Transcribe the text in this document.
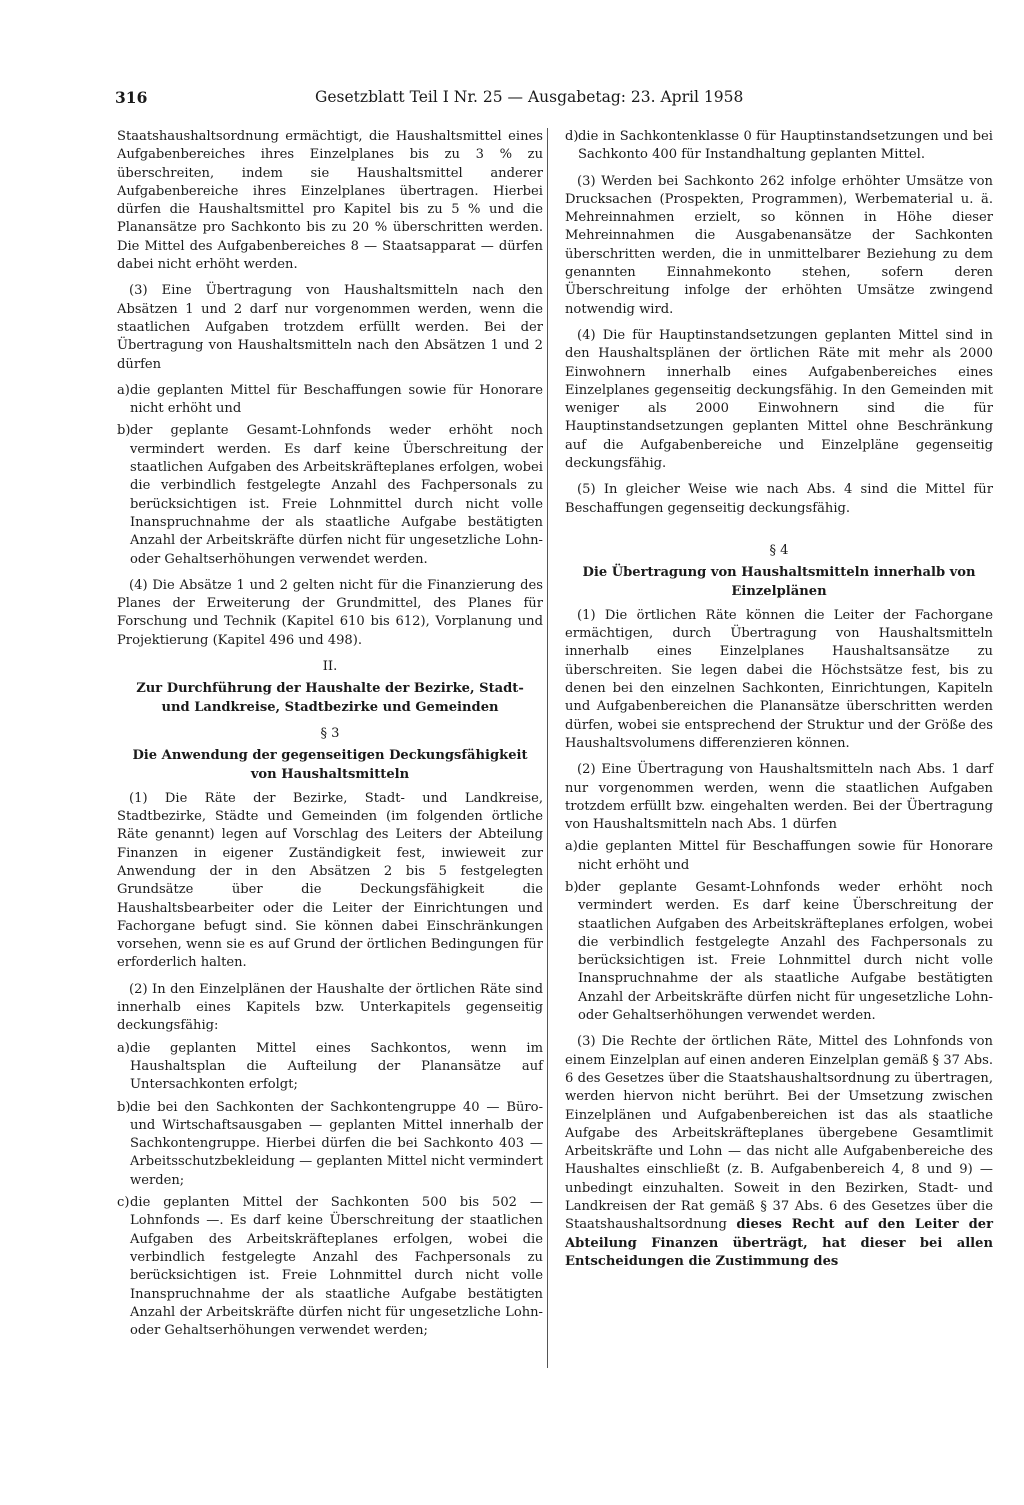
316	Gesetzblatt Teil I Nr. 25 — Ausgabetag: 23. April 1958

Staatshaushaltsordnung ermächtigt, die Haushaltsmittel eines Aufgabenbereiches ihres Einzelplanes bis zu 3 % zu überschreiten, indem sie Haushaltsmittel anderer Aufgabenbereiche ihres Einzelplanes übertragen. Hierbei dürfen die Haushaltsmittel pro Kapitel bis zu 5 % und die Planansätze pro Sachkonto bis zu 20 % überschritten werden. Die Mittel des Aufgabenbereiches 8 — Staatsapparat — dürfen dabei nicht erhöht werden.

(3) Eine Übertragung von Haushaltsmitteln nach den Absätzen 1 und 2 darf nur vorgenommen werden, wenn die staatlichen Aufgaben trotzdem erfüllt werden. Bei der Übertragung von Haushaltsmitteln nach den Absätzen 1 und 2 dürfen

a) die geplanten Mittel für Beschaffungen sowie für Honorare nicht erhöht und
b) der geplante Gesamt-Lohnfonds weder erhöht noch vermindert werden. Es darf keine Überschreitung der staatlichen Aufgaben des Arbeitskräfteplanes erfolgen, wobei die verbindlich festgelegte Anzahl des Fachpersonals zu berücksichtigen ist. Freie Lohnmittel durch nicht volle Inanspruchnahme der als staatliche Aufgabe bestätigten Anzahl der Arbeitskräfte dürfen nicht für ungesetzliche Lohn- oder Gehaltserhöhungen verwendet werden.

(4) Die Absätze 1 und 2 gelten nicht für die Finanzierung des Planes der Erweiterung der Grundmittel, des Planes für Forschung und Technik (Kapitel 610 bis 612), Vorplanung und Projektierung (Kapitel 496 und 498).

II.
Zur Durchführung der Haushalte der Bezirke, Stadt- und Landkreise, Stadtbezirke und Gemeinden
§ 3
Die Anwendung der gegenseitigen Deckungsfähigkeit von Haushaltsmitteln

(1) Die Räte der Bezirke, Stadt- und Landkreise, Stadtbezirke, Städte und Gemeinden (im folgenden örtliche Räte genannt) legen auf Vorschlag des Leiters der Abteilung Finanzen in eigener Zuständigkeit fest, inwieweit zur Anwendung der in den Absätzen 2 bis 5 festgelegten Grundsätze über die Deckungsfähigkeit die Haushaltsbearbeiter oder die Leiter der Einrichtungen und Fachorgane befugt sind. Sie können dabei Einschränkungen vorsehen, wenn sie es auf Grund der örtlichen Bedingungen für erforderlich halten.

(2) In den Einzelplänen der Haushalte der örtlichen Räte sind innerhalb eines Kapitels bzw. Unterkapitels gegenseitig deckungsfähig:

a) die geplanten Mittel eines Sachkontos, wenn im Haushaltsplan die Aufteilung der Planansätze auf Untersachkonten erfolgt;
b) die bei den Sachkonten der Sachkontengruppe 40 — Büro- und Wirtschaftsausgaben — geplanten Mittel innerhalb der Sachkontengruppe. Hierbei dürfen die bei Sachkonto 403 — Arbeitsschutzbekleidung — geplanten Mittel nicht vermindert werden;
c) die geplanten Mittel der Sachkonten 500 bis 502 — Lohnfonds —. Es darf keine Überschreitung der staatlichen Aufgaben des Arbeitskräfteplanes erfolgen, wobei die verbindlich festgelegte Anzahl des Fachpersonals zu berücksichtigen ist. Freie Lohnmittel durch nicht volle Inanspruchnahme der als staatliche Aufgabe bestätigten Anzahl der Arbeitskräfte dürfen nicht für ungesetzliche Lohn- oder Gehaltserhöhungen verwendet werden;
d) die in Sachkontenklasse 0 für Hauptinstandsetzungen und bei Sachkonto 400 für Instandhaltung geplanten Mittel.

(3) Werden bei Sachkonto 262 infolge erhöhter Umsätze von Drucksachen (Prospekten, Programmen), Werbematerial u. ä. Mehreinnahmen erzielt, so können in Höhe dieser Mehreinnahmen die Ausgabenansätze der Sachkonten überschritten werden, die in unmittelbarer Beziehung zu dem genannten Einnahmekonto stehen, sofern deren Überschreitung infolge der erhöhten Umsätze zwingend notwendig wird.

(4) Die für Hauptinstandsetzungen geplanten Mittel sind in den Haushaltsplänen der örtlichen Räte mit mehr als 2000 Einwohnern innerhalb eines Aufgabenbereiches eines Einzelplanes gegenseitig deckungsfähig. In den Gemeinden mit weniger als 2000 Einwohnern sind die für Hauptinstandsetzungen geplanten Mittel ohne Beschränkung auf die Aufgabenbereiche und Einzelpläne gegenseitig deckungsfähig.

(5) In gleicher Weise wie nach Abs. 4 sind die Mittel für Beschaffungen gegenseitig deckungsfähig.

§ 4
Die Übertragung von Haushaltsmitteln innerhalb von Einzelplänen

(1) Die örtlichen Räte können die Leiter der Fachorgane ermächtigen, durch Übertragung von Haushaltsmitteln innerhalb eines Einzelplanes Haushaltsansätze zu überschreiten. Sie legen dabei die Höchstsätze fest, bis zu denen bei den einzelnen Sachkonten, Einrichtungen, Kapiteln und Aufgabenbereichen die Planansätze überschritten werden dürfen, wobei sie entsprechend der Struktur und der Größe des Haushaltsvolumens differenzieren können.

(2) Eine Übertragung von Haushaltsmitteln nach Abs. 1 darf nur vorgenommen werden, wenn die staatlichen Aufgaben trotzdem erfüllt bzw. eingehalten werden. Bei der Übertragung von Haushaltsmitteln nach Abs. 1 dürfen

a) die geplanten Mittel für Beschaffungen sowie für Honorare nicht erhöht und
b) der geplante Gesamt-Lohnfonds weder erhöht noch vermindert werden. Es darf keine Überschreitung der staatlichen Aufgaben des Arbeitskräfteplanes erfolgen, wobei die verbindlich festgelegte Anzahl des Fachpersonals zu berücksichtigen ist. Freie Lohnmittel durch nicht volle Inanspruchnahme der als staatliche Aufgabe bestätigten Anzahl der Arbeitskräfte dürfen nicht für ungesetzliche Lohn- oder Gehaltserhöhungen verwendet werden.

(3) Die Rechte der örtlichen Räte, Mittel des Lohnfonds von einem Einzelplan auf einen anderen Einzelplan gemäß § 37 Abs. 6 des Gesetzes über die Staatshaushaltsordnung zu übertragen, werden hiervon nicht berührt. Bei der Umsetzung zwischen Einzelplänen und Aufgabenbereichen ist das als staatliche Aufgabe des Arbeitskräfteplanes übergebene Gesamtlimit Arbeitskräfte und Lohn — das nicht alle Aufgabenbereiche des Haushaltes einschließt (z. B. Aufgabenbereich 4, 8 und 9) — unbedingt einzuhalten. Soweit in den Bezirken, Stadt- und Landkreisen der Rat gemäß § 37 Abs. 6 des Gesetzes über die Staatshaushaltsordnung dieses Recht auf den Leiter der Abteilung Finanzen überträgt, hat dieser bei allen Entscheidungen die Zustimmung des
